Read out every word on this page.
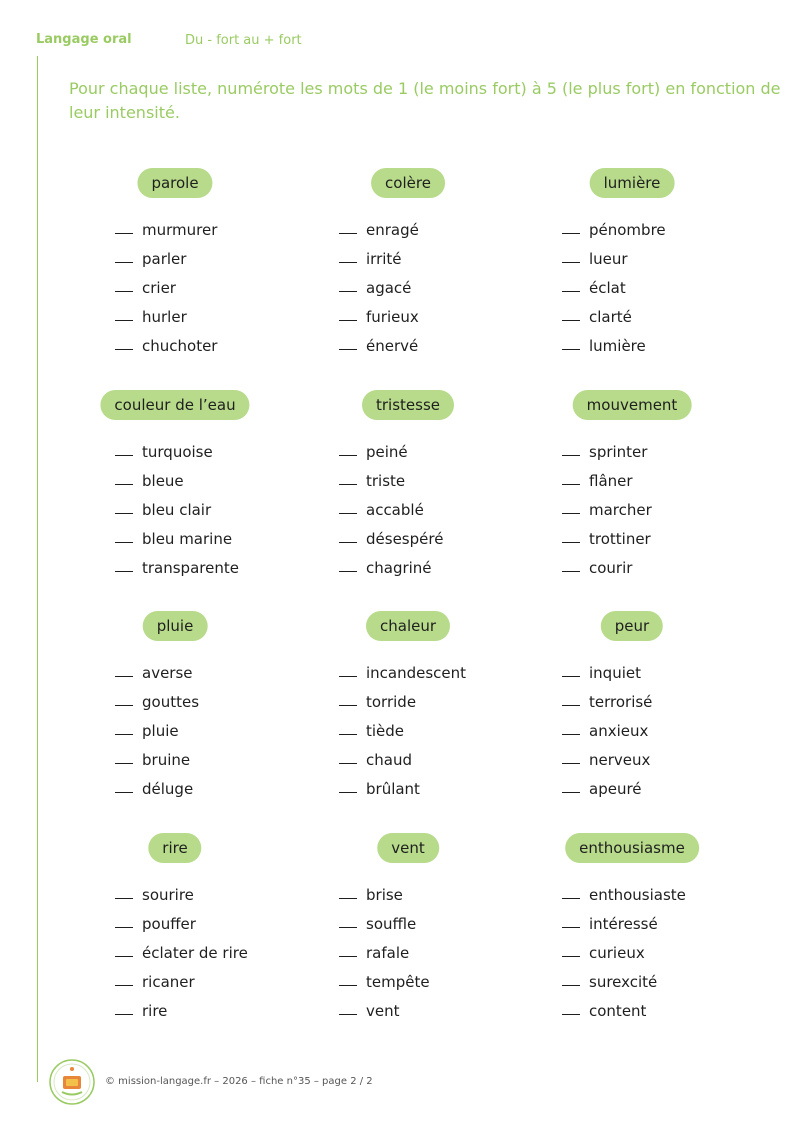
Langage oral	Du - fort au + fort
Pour chaque liste, numérote les mots de 1 (le moins fort) à 5 (le plus fort) en fonction de leur intensité.
parole
murmurer
parler
crier
hurler
chuchoter
colère
enragé
irrité
agacé
furieux
énervé
lumière
pénombre
lueur
éclat
clarté
lumière
couleur de l’eau
turquoise
bleue
bleu clair
bleu marine
transparente
tristesse
peiné
triste
accablé
désespéré
chagriné
mouvement
sprinter
flâner
marcher
trottiner
courir
pluie
averse
gouttes
pluie
bruine
déluge
chaleur
incandescent
torride
tiède
chaud
brûlant
peur
inquiet
terrorisé
anxieux
nerveux
apeuré
rire
sourire
pouffer
éclater de rire
ricaner
rire
vent
brise
souffle
rafale
tempête
vent
enthousiasme
enthousiaste
intéressé
curieux
surexcité
content
© mission-langage.fr – 2026 – fiche n°35 – page 2 / 2
